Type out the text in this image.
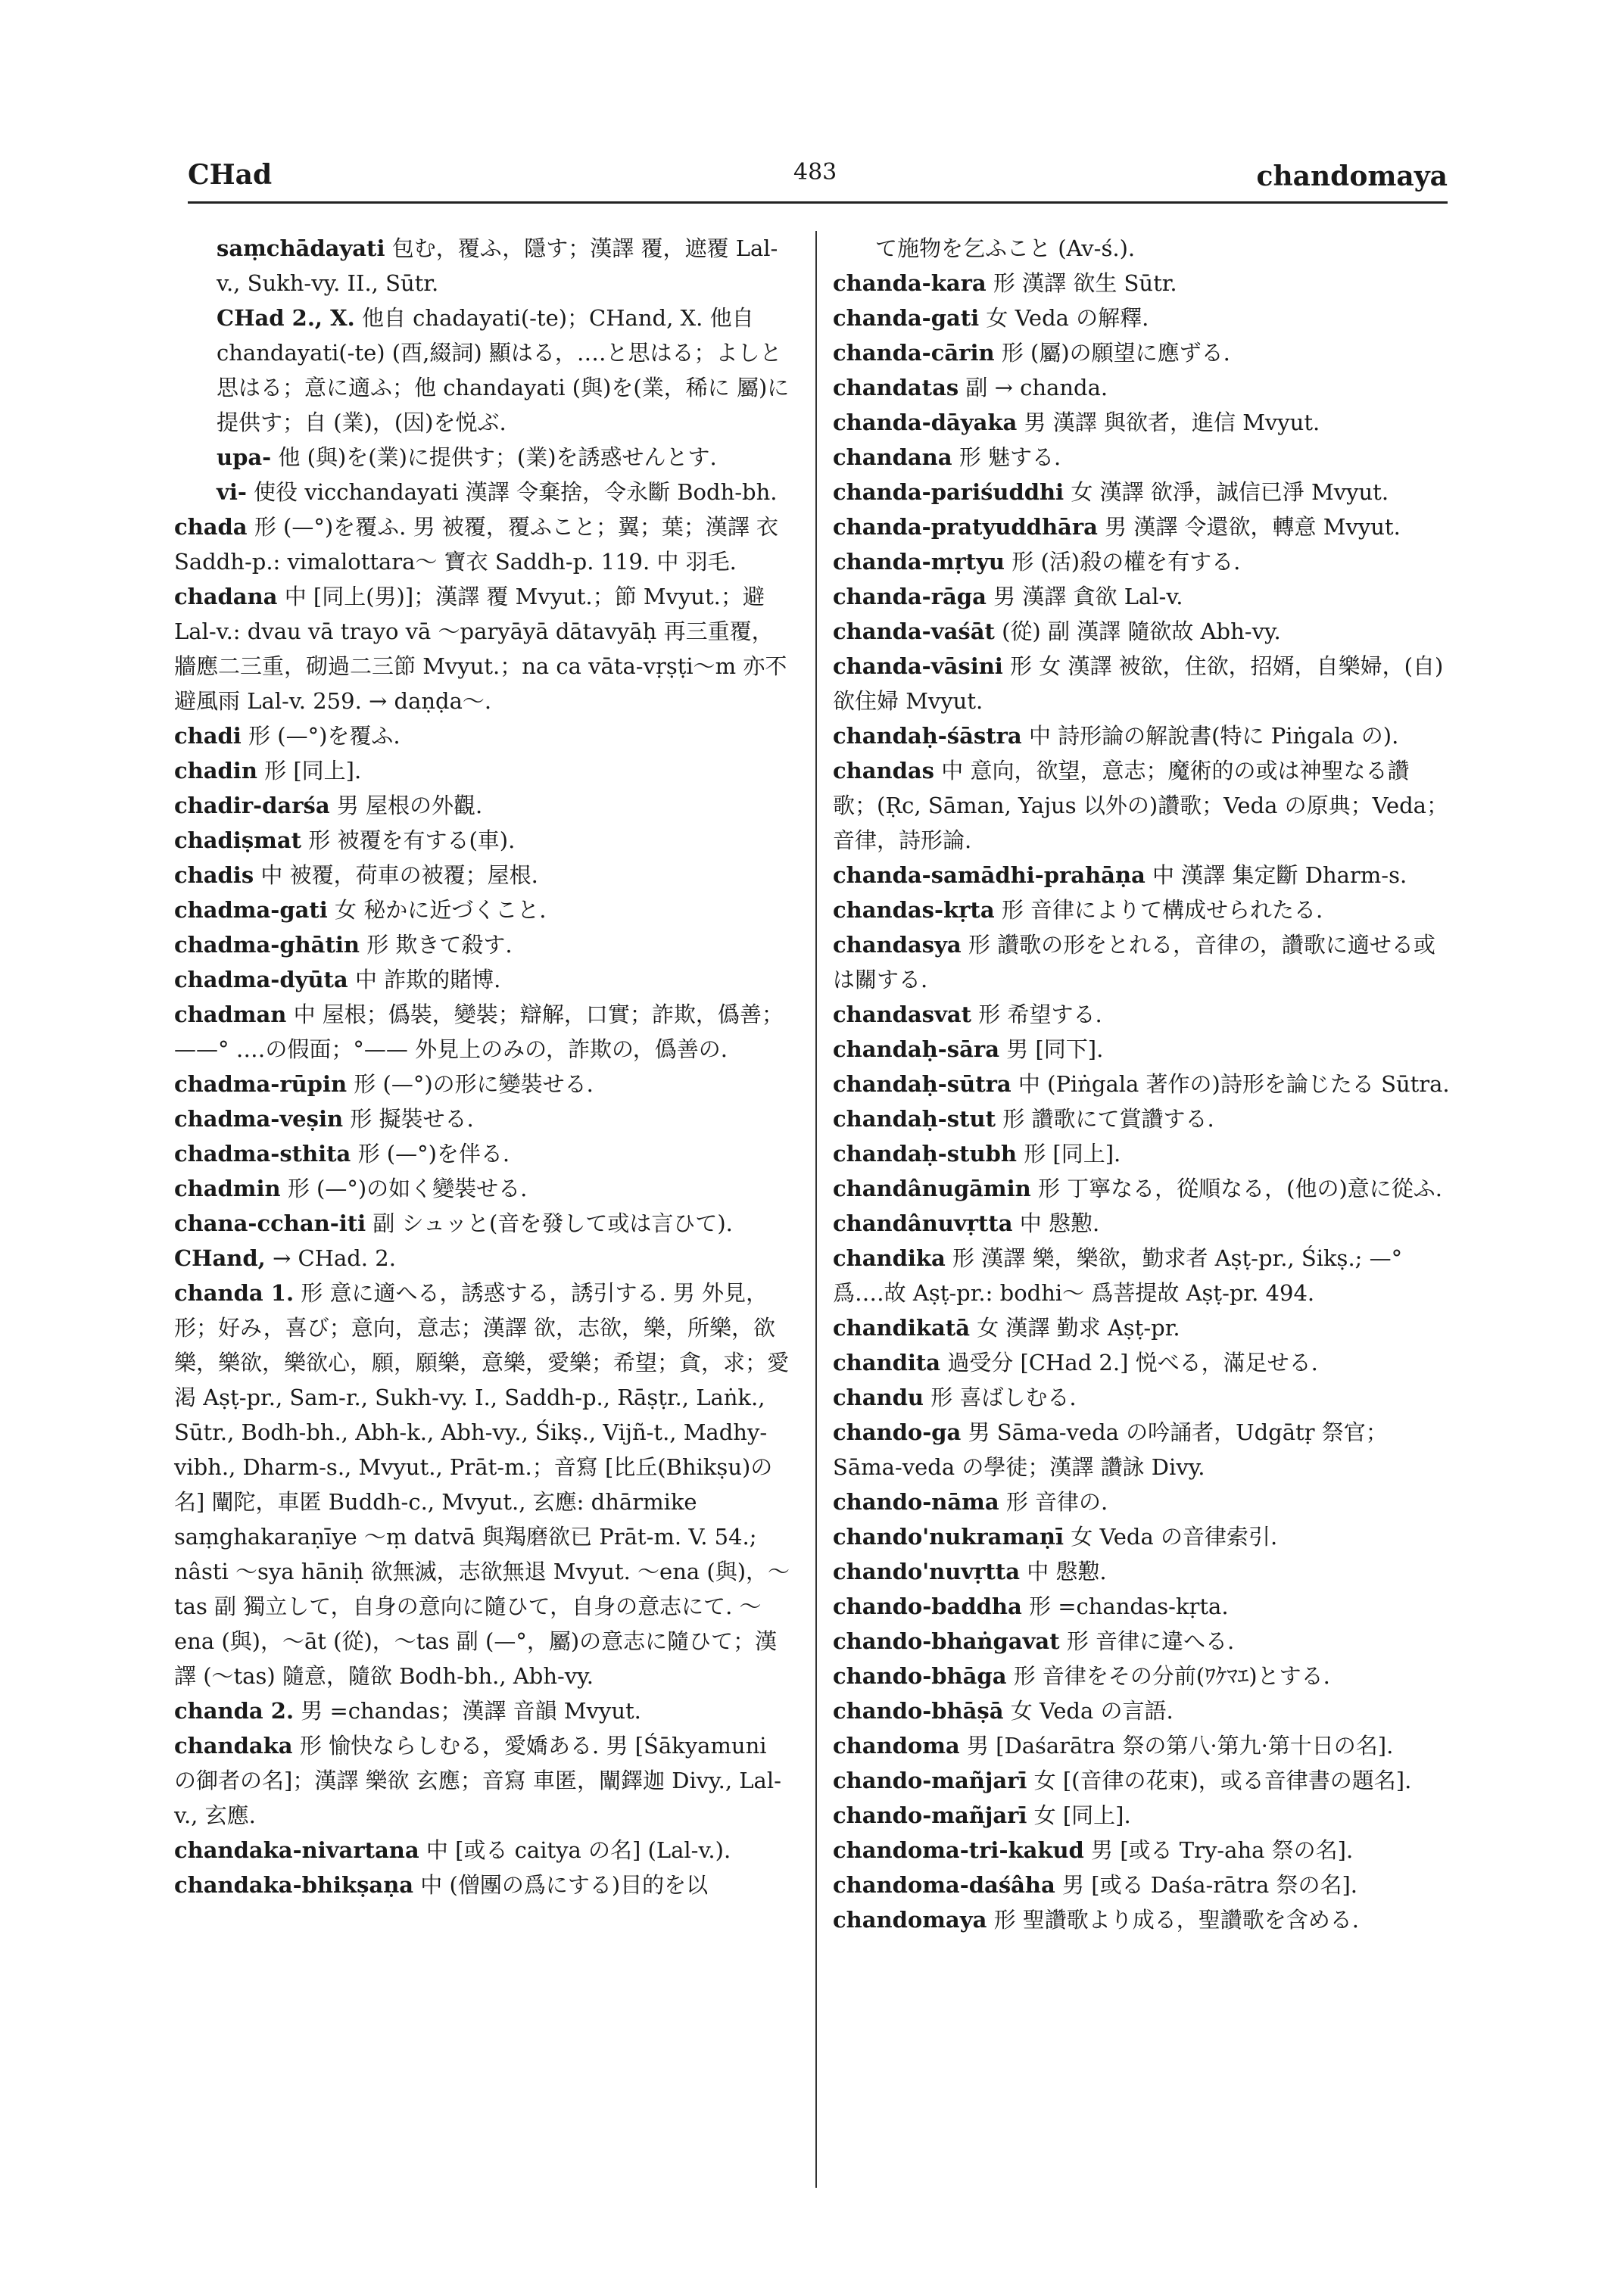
CHad	483	chandomaya

saṃchādayati 包む，覆ふ，隱す；漢譯 覆，遮覆 Lal-v., Sukh-vy. II., Sūtr.

CHad 2., X. 他自 chadayati(-te)；CHand, X. 他自 chandayati(-te) (酉,綴詞) 顯はる，‥‥と思はる；よしと思はる；意に適ふ；他 chandayati (與)を(業，稀に 屬)に提供す；自 (業)，(因)を悦ぶ.

upa- 他 (與)を(業)に提供す；(業)を誘惑せんとす.

vi- 使役 vicchandayati 漢譯 令棄捨，令永斷 Bodh-bh.

chada 形 (—°)を覆ふ. 男 被覆，覆ふこと；翼；葉；漢譯 衣 Saddh-p.: vimalottara〜 寶衣 Saddh-p. 119. 中 羽毛.

chadana 中 [同上(男)]；漢譯 覆 Mvyut.；節 Mvyut.；避 Lal-v.: dvau vā trayo vā 〜paryāyā dātavyāḥ 再三重覆，牆應二三重，砌過二三節 Mvyut.；na ca vāta-vṛṣṭi〜m 亦不避風雨 Lal-v. 259. → daṇḍa〜.

chadi 形 (—°)を覆ふ.

chadin 形 [同上].

chadir-darśa 男 屋根の外觀.

chadiṣmat 形 被覆を有する(車).

chadis 中 被覆，荷車の被覆；屋根.

chadma-gati 女 秘かに近づくこと.

chadma-ghātin 形 欺きて殺す.

chadma-dyūta 中 詐欺的賭博.

chadman 中 屋根；僞裝，變裝；辯解，口實；詐欺，僞善；——° ‥‥の假面；°—— 外見上のみの，詐欺の，僞善の.

chadma-rūpin 形 (—°)の形に變裝せる.

chadma-veṣin 形 擬裝せる.

chadma-sthita 形 (—°)を伴る.

chadmin 形 (—°)の如く變裝せる.

chana-cchan-iti 副 シュッと(音を發して或は言ひて).

CHand, → CHad. 2.

chanda 1. 形 意に適へる，誘惑する，誘引する. 男 外見，形；好み，喜び；意向，意志；漢譯 欲，志欲，樂，所樂，欲樂，樂欲，樂欲心，願，願樂，意樂，愛樂；希望；貪，求；愛渇 Aṣṭ-pr., Sam-r., Sukh-vy. I., Saddh-p., Rāṣṭr., Laṅk., Sūtr., Bodh-bh., Abh-k., Abh-vy., Śikṣ., Vijñ-t., Madhy-vibh., Dharm-s., Mvyut., Prāt-m.；音寫 [比丘(Bhikṣu)の名] 闡陀，車匿 Buddh-c., Mvyut., 玄應: dhārmike saṃghakaraṇīye 〜ṃ datvā 與羯磨欲已 Prāt-m. V. 54.; nâsti 〜sya hāniḥ 欲無滅，志欲無退 Mvyut. 〜ena (與)，〜tas 副 獨立して，自身の意向に隨ひて，自身の意志にて. 〜ena (與)，〜āt (從)，〜tas 副 (—°，屬)の意志に隨ひて；漢譯 (〜tas) 隨意，隨欲 Bodh-bh., Abh-vy.

chanda 2. 男 =chandas；漢譯 音韻 Mvyut.

chandaka 形 愉快ならしむる，愛嬌ある. 男 [Śākyamuni の御者の名]；漢譯 樂欲 玄應；音寫 車匿，闡鐸迦 Divy., Lal-v., 玄應.

chandaka-nivartana 中 [或る caitya の名] (Lal-v.).

chandaka-bhikṣaṇa 中 (僧團の爲にする)目的を以

て施物を乞ふこと (Av-ś.).

chanda-kara 形 漢譯 欲生 Sūtr.

chanda-gati 女 Veda の解釋.

chanda-cārin 形 (屬)の願望に應ずる.

chandatas 副 → chanda.

chanda-dāyaka 男 漢譯 與欲者，進信 Mvyut.

chandana 形 魅する.

chanda-pariśuddhi 女 漢譯 欲淨，誠信已淨 Mvyut.

chanda-pratyuddhāra 男 漢譯 令還欲，轉意 Mvyut.

chanda-mṛtyu 形 (活)殺の權を有する.

chanda-rāga 男 漢譯 貪欲 Lal-v.

chanda-vaśāt (從) 副 漢譯 隨欲故 Abh-vy.

chanda-vāsini 形 女 漢譯 被欲，住欲，招婿，自樂婦，(自)欲住婦 Mvyut.

chandaḥ-śāstra 中 詩形論の解說書(特に Piṅgala の).

chandas 中 意向，欲望，意志；魔術的の或は神聖なる讚歌；(Ṛc, Sāman, Yajus 以外の)讚歌；Veda の原典；Veda；音律，詩形論.

chanda-samādhi-prahāṇa 中 漢譯 集定斷 Dharm-s.

chandas-kṛta 形 音律によりて構成せられたる.

chandasya 形 讚歌の形をとれる，音律の，讚歌に適せる或は關する.

chandasvat 形 希望する.

chandaḥ-sāra 男 [同下].

chandaḥ-sūtra 中 (Piṅgala 著作の)詩形を論じたる Sūtra.

chandaḥ-stut 形 讚歌にて賞讚する.

chandaḥ-stubh 形 [同上].

chandânugāmin 形 丁寧なる，從順なる，(他の)意に從ふ.

chandânuvṛtta 中 慇懃.

chandika 形 漢譯 樂，樂欲，勤求者 Aṣṭ-pr., Śikṣ.; —° 爲‥‥故 Aṣṭ-pr.: bodhi〜 爲菩提故 Aṣṭ-pr. 494.

chandikatā 女 漢譯 勤求 Aṣṭ-pr.

chandita 過受分 [CHad 2.] 悦べる，滿足せる.

chandu 形 喜ばしむる.

chando-ga 男 Sāma-veda の吟誦者，Udgātṛ 祭官；Sāma-veda の學徒；漢譯 讚詠 Divy.

chando-nāma 形 音律の.

chando'nukramaṇī 女 Veda の音律索引.

chando'nuvṛtta 中 慇懃.

chando-baddha 形 =chandas-kṛta.

chando-bhaṅgavat 形 音律に違へる.

chando-bhāga 形 音律をその分前(ﾜｹﾏｴ)とする.

chando-bhāṣā 女 Veda の言語.

chandoma 男 [Daśarātra 祭の第八·第九·第十日の名].

chando-mañjarī 女 [(音律の花束)，或る音律書の題名].

chando-mañjarī 女 [同上].

chandoma-tri-kakud 男 [或る Try-aha 祭の名].

chandoma-daśâha 男 [或る Daśa-rātra 祭の名].

chandomaya 形 聖讚歌より成る，聖讚歌を含める.
